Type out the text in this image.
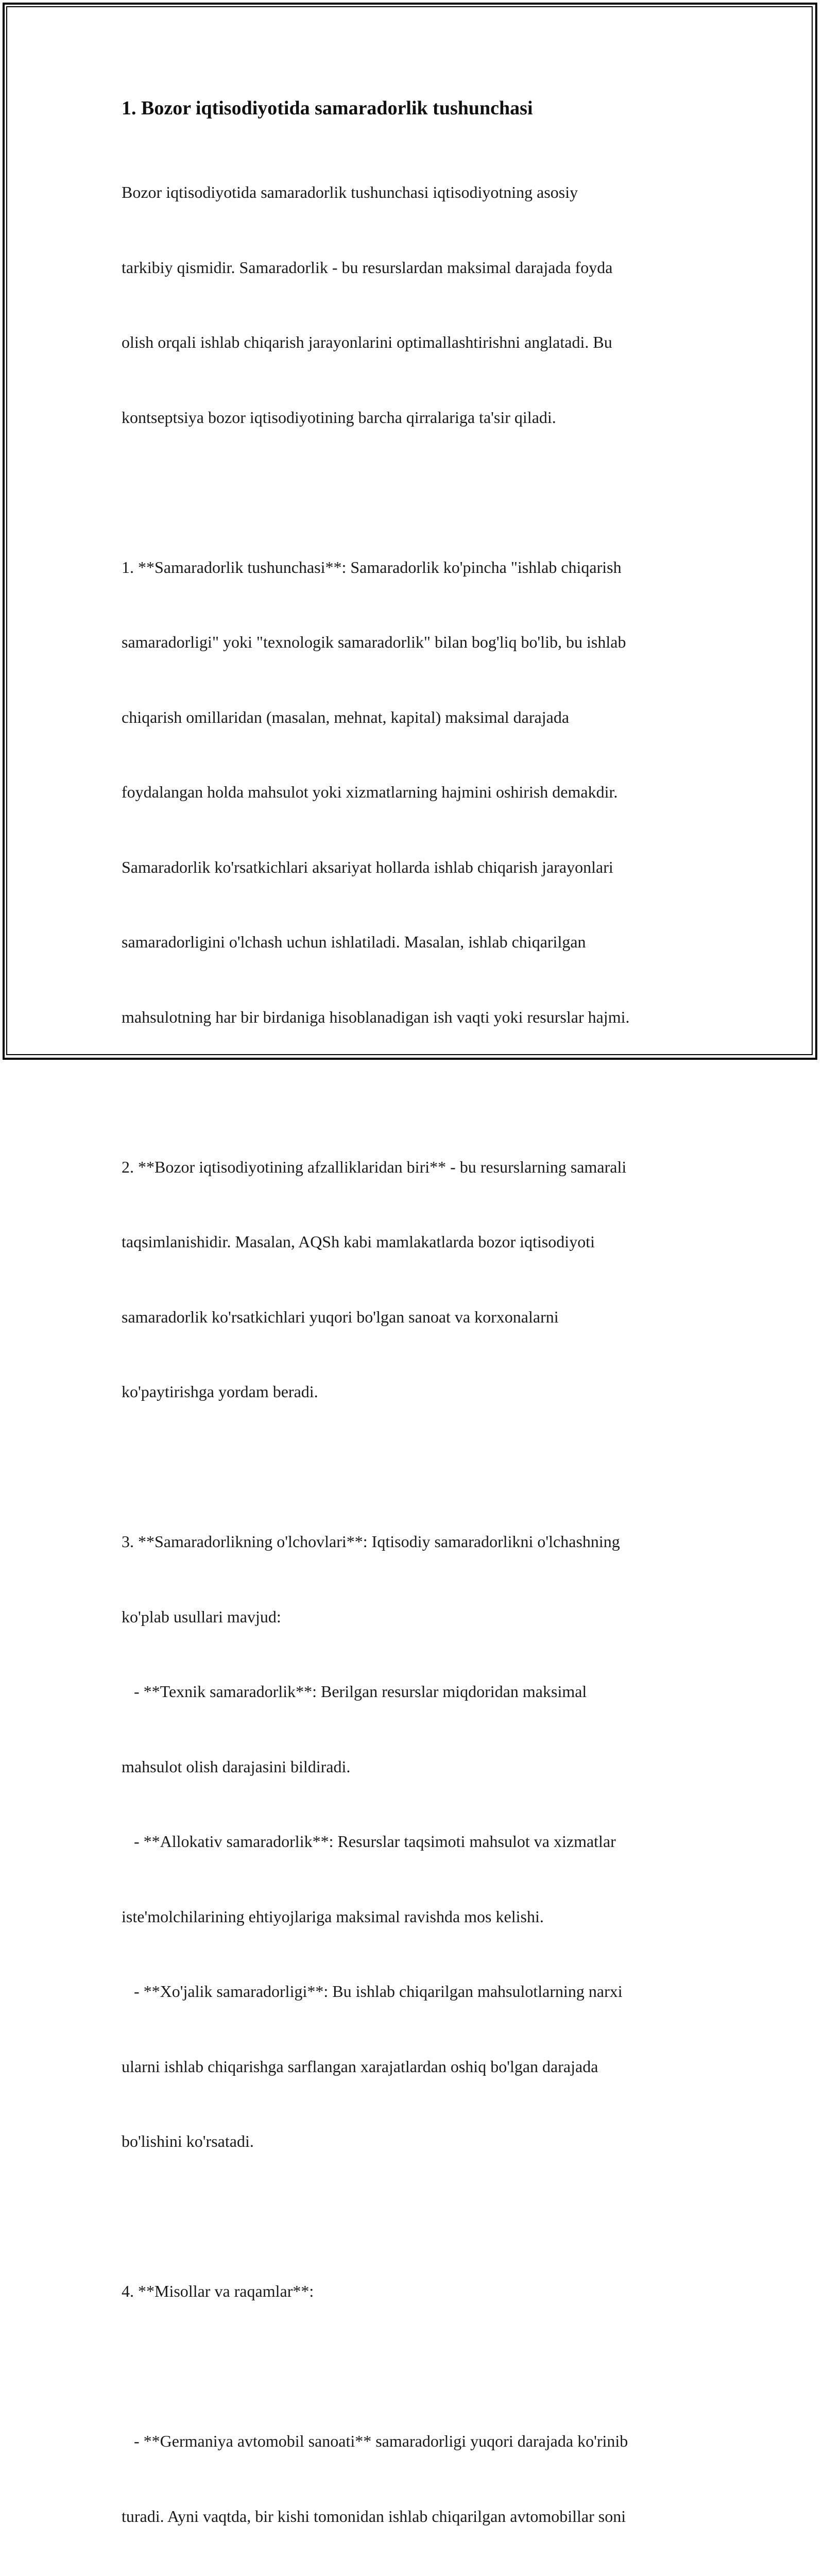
1. Bozor iqtisodiyotida samaradorlik tushunchasi

Bozor iqtisodiyotida samaradorlik tushunchasi iqtisodiyotning asosiy

tarkibiy qismidir. Samaradorlik - bu resurslardan maksimal darajada foyda

olish orqali ishlab chiqarish jarayonlarini optimallashtirishni anglatadi. Bu

kontseptsiya bozor iqtisodiyotining barcha qirralariga ta'sir qiladi.

1. **Samaradorlik tushunchasi**: Samaradorlik ko'pincha "ishlab chiqarish

samaradorligi" yoki "texnologik samaradorlik" bilan bog'liq bo'lib, bu ishlab

chiqarish omillaridan (masalan, mehnat, kapital) maksimal darajada

foydalangan holda mahsulot yoki xizmatlarning hajmini oshirish demakdir.

Samaradorlik ko'rsatkichlari aksariyat hollarda ishlab chiqarish jarayonlari

samaradorligini o'lchash uchun ishlatiladi. Masalan, ishlab chiqarilgan

mahsulotning har bir birdaniga hisoblanadigan ish vaqti yoki resurslar hajmi.

2. **Bozor iqtisodiyotining afzalliklaridan biri** - bu resurslarning samarali

taqsimlanishidir. Masalan, AQSh kabi mamlakatlarda bozor iqtisodiyoti

samaradorlik ko'rsatkichlari yuqori bo'lgan sanoat va korxonalarni

ko'paytirishga yordam beradi.

3. **Samaradorlikning o'lchovlari**: Iqtisodiy samaradorlikni o'lchashning

ko'plab usullari mavjud:

- **Texnik samaradorlik**: Berilgan resurslar miqdoridan maksimal

mahsulot olish darajasini bildiradi.

- **Allokativ samaradorlik**: Resurslar taqsimoti mahsulot va xizmatlar

iste'molchilarining ehtiyojlariga maksimal ravishda mos kelishi.

- **Xo'jalik samaradorligi**: Bu ishlab chiqarilgan mahsulotlarning narxi

ularni ishlab chiqarishga sarflangan xarajatlardan oshiq bo'lgan darajada

bo'lishini ko'rsatadi.

4. **Misollar va raqamlar**:

- **Germaniya avtomobil sanoati** samaradorligi yuqori darajada ko'rinib

turadi. Ayni vaqtda, bir kishi tomonidan ishlab chiqarilgan avtomobillar soni
